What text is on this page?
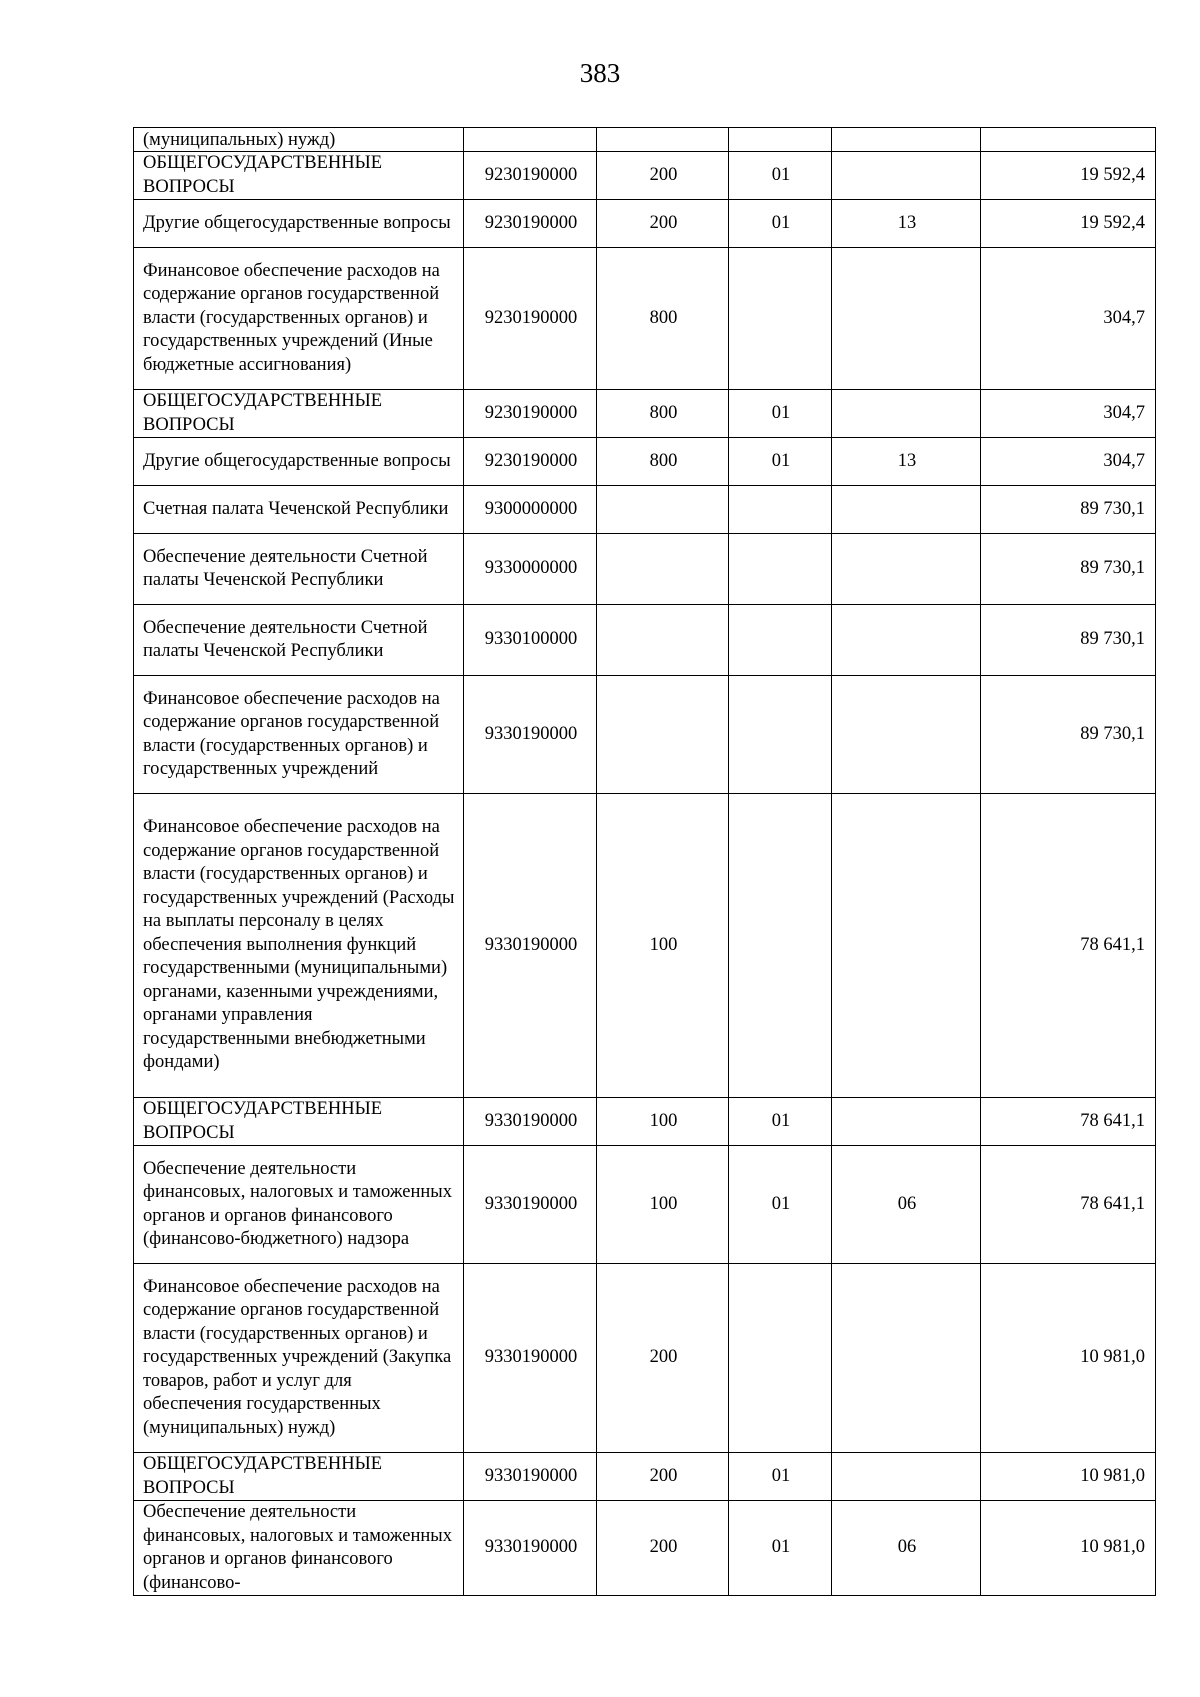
383
(муниципальных) нужд)					
ОБЩЕГОСУДАРСТВЕННЫЕ ВОПРОСЫ	9230190000	200	01		19 592,4
Другие общегосударственные вопросы	9230190000	200	01	13	19 592,4
Финансовое обеспечение расходов на содержание органов государственной власти (государственных органов) и государственных учреждений (Иные бюджетные ассигнования)	9230190000	800			304,7
ОБЩЕГОСУДАРСТВЕННЫЕ ВОПРОСЫ	9230190000	800	01		304,7
Другие общегосударственные вопросы	9230190000	800	01	13	304,7
Счетная палата Чеченской Республики	9300000000				89 730,1
Обеспечение деятельности Счетной палаты Чеченской Республики	9330000000				89 730,1
Обеспечение деятельности Счетной палаты Чеченской Республики	9330100000				89 730,1
Финансовое обеспечение расходов на содержание органов государственной власти (государственных органов) и государственных учреждений	9330190000				89 730,1
Финансовое обеспечение расходов на содержание органов государственной власти (государственных органов) и государственных учреждений (Расходы на выплаты персоналу в целях обеспечения выполнения функций государственными (муниципальными) органами, казенными учреждениями, органами управления государственными внебюджетными фондами)	9330190000	100			78 641,1
ОБЩЕГОСУДАРСТВЕННЫЕ ВОПРОСЫ	9330190000	100	01		78 641,1
Обеспечение деятельности финансовых, налоговых и таможенных органов и органов финансового (финансово-бюджетного) надзора	9330190000	100	01	06	78 641,1
Финансовое обеспечение расходов на содержание органов государственной власти (государственных органов) и государственных учреждений (Закупка товаров, работ и услуг для обеспечения государственных (муниципальных) нужд)	9330190000	200			10 981,0
ОБЩЕГОСУДАРСТВЕННЫЕ ВОПРОСЫ	9330190000	200	01		10 981,0
Обеспечение деятельности финансовых, налоговых и таможенных органов и органов финансового (финансово-	9330190000	200	01	06	10 981,0
